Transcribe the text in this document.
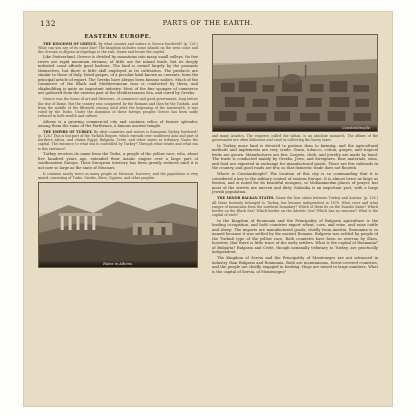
132	PARTS OF THE EARTH.
EASTERN EUROPE.

THE KINGDOM OF GREECE. By what country and waters is Greece bordered? (p. 126.) What can you say of its coast line? The kingdom includes some islands on the west coast and the Grecian or Ægean Archipelago to the east. Name and locate the capital.

Like Switzerland, Greece is divided by mountains into many small valleys. Its few rivers are rapid mountain streams, of little use for inland trade, but its deeply indented coast affords good harbors. The land is owned largely by the peasants themselves, but there is little skill employed in its cultivation. The products are similar to those of Italy. Dried grapes, of a peculiar kind known as currants, form the principal article of export. The Greeks have always been famous sailors. Much of the commerce of the Black and Mediterranean seas is conducted by them; and shipbuilding is quite an important industry. Most of the fine sponges of commerce are gathered from the eastern part of the Mediterranean Sea, and cured by Greeks.

Greece was the home of art and literature, of commerce and good government, long before the rise of Rome. But the country was conquered by the Romans and then by the Turkish, and from the middle of the fifteenth century until after the beginning of the nineteenth, it was ruled by the Turks. Under the dominion of these foreign peoples Greece has been sadly reduced in both wealth and culture.

Athens is a growing commercial city and contains relics of former splendor, among them the ruins of the Parthenon, a famous ancient temple.

THE EMPIRE OF TURKEY. By what countries and waters is European Turkey bordered? (p. 126.) This is but part of the Turkish Empire, which extends over southwest Asia and part of northern Africa, and claims Egypt, Bulgaria, Crete, and other states as tributary. Name the capital. The entrance to what sea is controlled by Turkey? Through what straits and what sea is this entrance?

Turkey receives its name from the Turks, a people of the yellow race, who, about five hundred years ago, extended their Asiatic empire over a large part of southeastern Europe. Their European territory has been greatly reduced until it is not now so large as the state of Missouri.

It contains nearly twice as many people as Missouri, however; and the population is very mixed, consisting of Turks, Greeks, Slavs, Gypsies, and other peoples.

Ruins in Athens.
Constantinople.

and many Asiatics. The emperor, called the sultan, is an absolute monarch. The affairs of the government are often dishonest and cruel in collecting the heavy taxes.

In Turkey more land is devoted to pasture than to farming, and the agricultural methods and implements are very crude. Grain, tobacco, cotton, grapes, and tropical fruits are grown. Manufactures are few. Carpets, cloth, and jewelry are made by hand. The trade is conducted mainly by Greeks, Jews, and foreigners. Raw materials, wine, and food are exported in exchange for manufactured goods. There are few railroads in the country, and good roads are few, so that domestic trade does not flourish.

Where is Constantinople? The location of this city is so commanding that it is considered a key to the military control of eastern Europe. It is almost twice as large as Boston, and is noted for its beautiful mosques, or Mohammedan places of prayer, but most of the streets are uneven and dirty. Salonika is an important port, with a large Jewish population.

THE MINOR BALKAN STATES. Name the four states between Turkey and Austria. (p. 126.) All these formerly belonged to Turkey, but became independent in 1878. What river and what ranges of mountains form the northern boundary? Which of them lie on the Danube basin? Which border on the Black Sea? Which border on the Adriatic Sea? Which has no seacoast? What is the capital of each?

In the Kingdom of Roumania and the Principality of Bulgaria agriculture is the leading occupation, and both countries export wheat, corn, and wine, and raise cattle and sheep. The imports are manufactured goods, chiefly from Austria. Roumania is so named because it was settled by the ancient Romans. Bulgaria was settled by people of the Turkish type of the yellow race. Both countries have been so overrun by Slavs, however, that there is little trace of the early settlers. What is the capital of Roumania? of Bulgaria? Bulgaria and Crete, though nominally tributary to Turkey, are practically independent.

The Kingdom of Servia and the Principality of Montenegro are not advanced in industry than Bulgaria and Roumania. Both are mountainous, forest-covered countries, and the people are chiefly engaged in herding. Hogs are raised in large numbers. What is the capital of Servia, of Montenegro?
